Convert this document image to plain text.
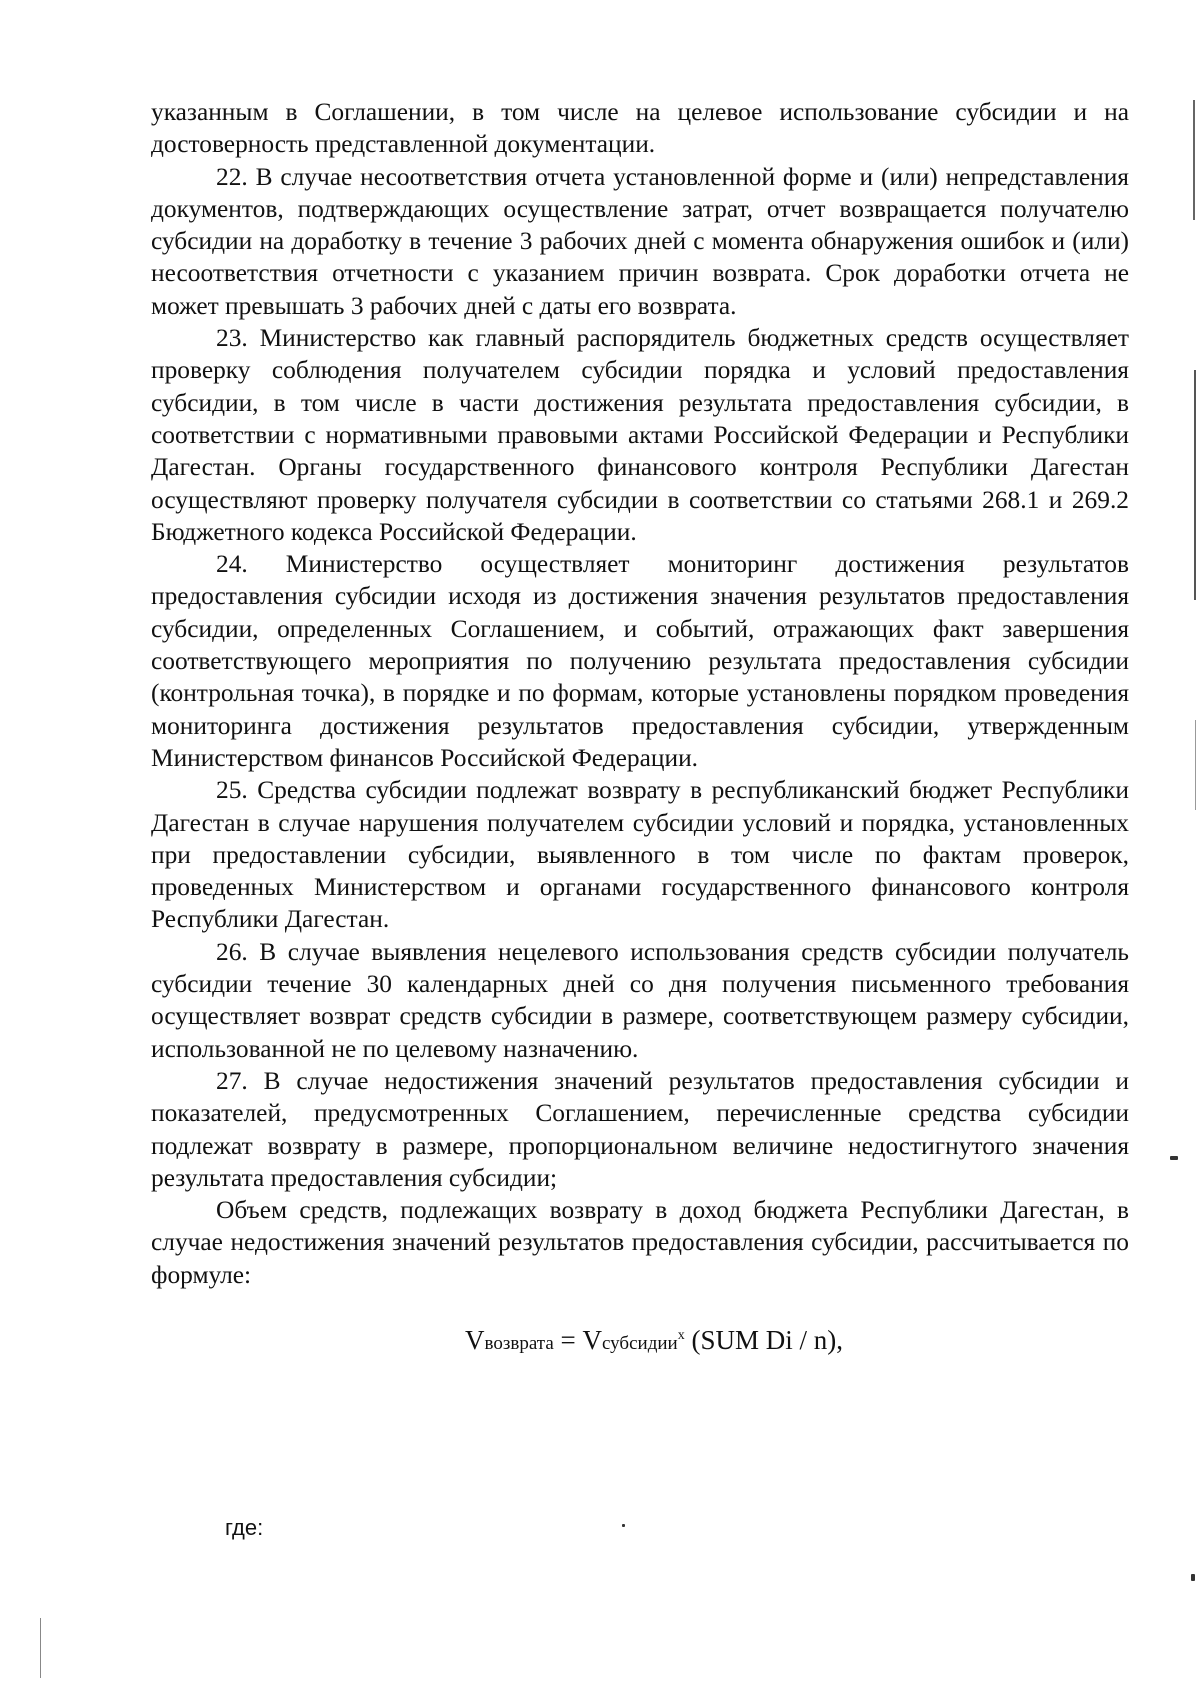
указанным в Соглашении, в том числе на целевое использование субсидии и на достоверность представленной документации.

22. В случае несоответствия отчета установленной форме и (или) непредставления документов, подтверждающих осуществление затрат, отчет возвращается получателю субсидии на доработку в течение 3 рабочих дней с момента обнаружения ошибок и (или) несоответствия отчетности с указанием причин возврата. Срок доработки отчета не может превышать 3 рабочих дней с даты его возврата.

23. Министерство как главный распорядитель бюджетных средств осуществляет проверку соблюдения получателем субсидии порядка и условий предоставления субсидии, в том числе в части достижения результата предоставления субсидии, в соответствии с нормативными правовыми актами Российской Федерации и Республики Дагестан. Органы государственного финансового контроля Республики Дагестан осуществляют проверку получателя субсидии в соответствии со статьями 268.1 и 269.2 Бюджетного кодекса Российской Федерации.

24. Министерство осуществляет мониторинг достижения результатов предоставления субсидии исходя из достижения значения результатов предоставления субсидии, определенных Соглашением, и событий, отражающих факт завершения соответствующего мероприятия по получению результата предоставления субсидии (контрольная точка), в порядке и по формам, которые установлены порядком проведения мониторинга достижения результатов предоставления субсидии, утвержденным Министерством финансов Российской Федерации.

25. Средства субсидии подлежат возврату в республиканский бюджет Республики Дагестан в случае нарушения получателем субсидии условий и порядка, установленных при предоставлении субсидии, выявленного в том числе по фактам проверок, проведенных Министерством и органами государственного финансового контроля Республики Дагестан.

26. В случае выявления нецелевого использования средств субсидии получатель субсидии течение 30 календарных дней со дня получения письменного требования осуществляет возврат средств субсидии в размере, соответствующем размеру субсидии, использованной не по целевому назначению.

27. В случае недостижения значений результатов предоставления субсидии и показателей, предусмотренных Соглашением, перечисленные средства субсидии подлежат возврату в размере, пропорциональном величине недостигнутого значения результата предоставления субсидии;

Объем средств, подлежащих возврату в доход бюджета Республики Дагестан, в случае недостижения значений результатов предоставления субсидии, рассчитывается по формуле:

Vвозврата = Vсубсидии$^x$ (SUM Di / n),
где:
